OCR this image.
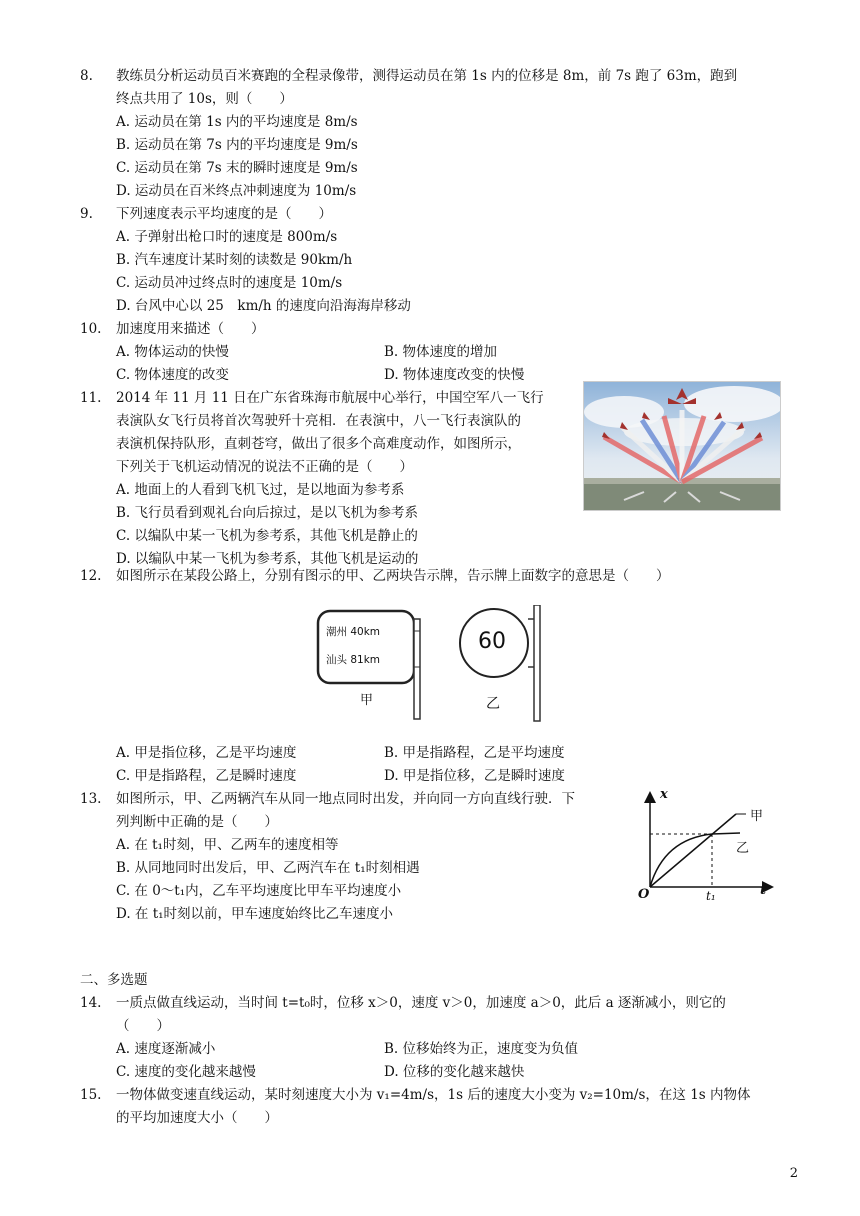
8. 教练员分析运动员百米赛跑的全程录像带，测得运动员在第 1s 内的位移是 8m，前 7s 跑了 63m，跑到
终点共用了 10s，则（　　）
A. 运动员在第 1s 内的平均速度是 8m/s
B. 运动员在第 7s 内的平均速度是 9m/s
C. 运动员在第 7s 末的瞬时速度是 9m/s
D. 运动员在百米终点冲刺速度为 10m/s
9. 下列速度表示平均速度的是（　　）
A. 子弹射出枪口时的速度是 800m/s
B. 汽车速度计某时刻的读数是 90km/h
C. 运动员冲过终点时的速度是 10m/s
D. 台风中心以 25　km/h 的速度向沿海海岸移动
10. 加速度用来描述（　　）
A. 物体运动的快慢	B. 物体速度的增加
C. 物体速度的改变	D. 物体速度改变的快慢
11. 2014 年 11 月 11 日在广东省珠海市航展中心举行，中国空军八一飞行
表演队女飞行员将首次驾驶歼十亮相．在表演中，八一飞行表演队的
表演机保持队形，直刺苍穹，做出了很多个高难度动作，如图所示，
下列关于飞机运动情况的说法不正确的是（　　）
A. 地面上的人看到飞机飞过，是以地面为参考系
B. 飞行员看到观礼台向后掠过，是以飞机为参考系
C. 以编队中某一飞机为参考系，其他飞机是静止的
D. 以编队中某一飞机为参考系，其他飞机是运动的
12. 如图所示在某段公路上，分别有图示的甲、乙两块告示牌，告示牌上面数字的意思是（　　）
潮州 40km
汕头 81km
甲
60
乙
A. 甲是指位移，乙是平均速度	B. 甲是指路程，乙是平均速度
C. 甲是指路程，乙是瞬时速度	D. 甲是指位移，乙是瞬时速度
13. 如图所示，甲、乙两辆汽车从同一地点同时出发，并向同一方向直线行驶．下
列判断中正确的是（　　）
A. 在 t₁时刻，甲、乙两车的速度相等
B. 从同地同时出发后，甲、乙两汽车在 t₁时刻相遇
C. 在 0～t₁内，乙车平均速度比甲车平均速度小
D. 在 t₁时刻以前，甲车速度始终比乙车速度小
x
t
O	t₁
甲
乙
二、多选题
14. 一质点做直线运动，当时间 t=t₀时，位移 x＞0，速度 v＞0，加速度 a＞0，此后 a 逐渐减小，则它的
（　　）
A. 速度逐渐减小	B. 位移始终为正，速度变为负值
C. 速度的变化越来越慢	D. 位移的变化越来越快
15. 一物体做变速直线运动，某时刻速度大小为 v₁=4m/s，1s 后的速度大小变为 v₂=10m/s，在这 1s 内物体
的平均加速度大小（　　）
2
